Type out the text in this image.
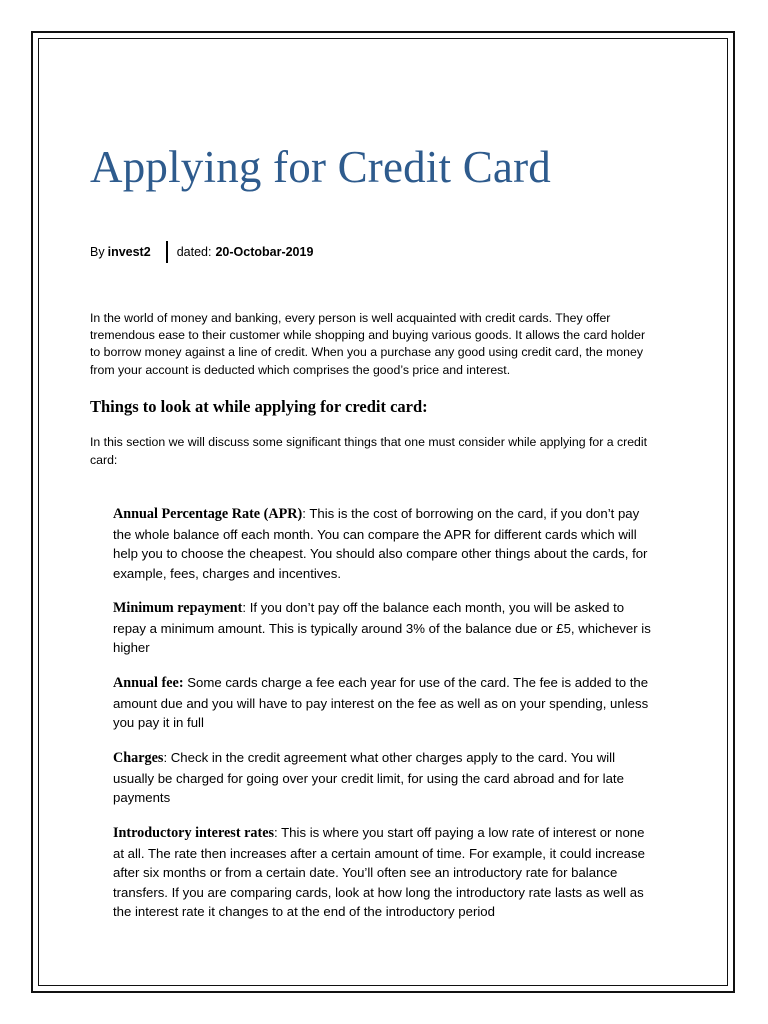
Applying for Credit Card
By invest2 dated: 20-Octobar-2019

In the world of money and banking, every person is well acquainted with credit cards. They offer
tremendous ease to their customer while shopping and buying various goods. It allows the card holder
to borrow money against a line of credit. When you a purchase any good using credit card, the money
from your account is deducted which comprises the good’s price and interest.

Things to look at while applying for credit card:

In this section we will discuss some significant things that one must consider while applying for a credit
card:

Annual Percentage Rate (APR): This is the cost of borrowing on the card, if you don’t pay
the whole balance off each month. You can compare the APR for different cards which will
help you to choose the cheapest. You should also compare other things about the cards, for
example, fees, charges and incentives.

Minimum repayment: If you don’t pay off the balance each month, you will be asked to
repay a minimum amount. This is typically around 3% of the balance due or £5, whichever is
higher

Annual fee: Some cards charge a fee each year for use of the card. The fee is added to the
amount due and you will have to pay interest on the fee as well as on your spending, unless
you pay it in full

Charges: Check in the credit agreement what other charges apply to the card. You will
usually be charged for going over your credit limit, for using the card abroad and for late
payments

Introductory interest rates: This is where you start off paying a low rate of interest or none
at all. The rate then increases after a certain amount of time. For example, it could increase
after six months or from a certain date. You’ll often see an introductory rate for balance
transfers. If you are comparing cards, look at how long the introductory rate lasts as well as
the interest rate it changes to at the end of the introductory period
